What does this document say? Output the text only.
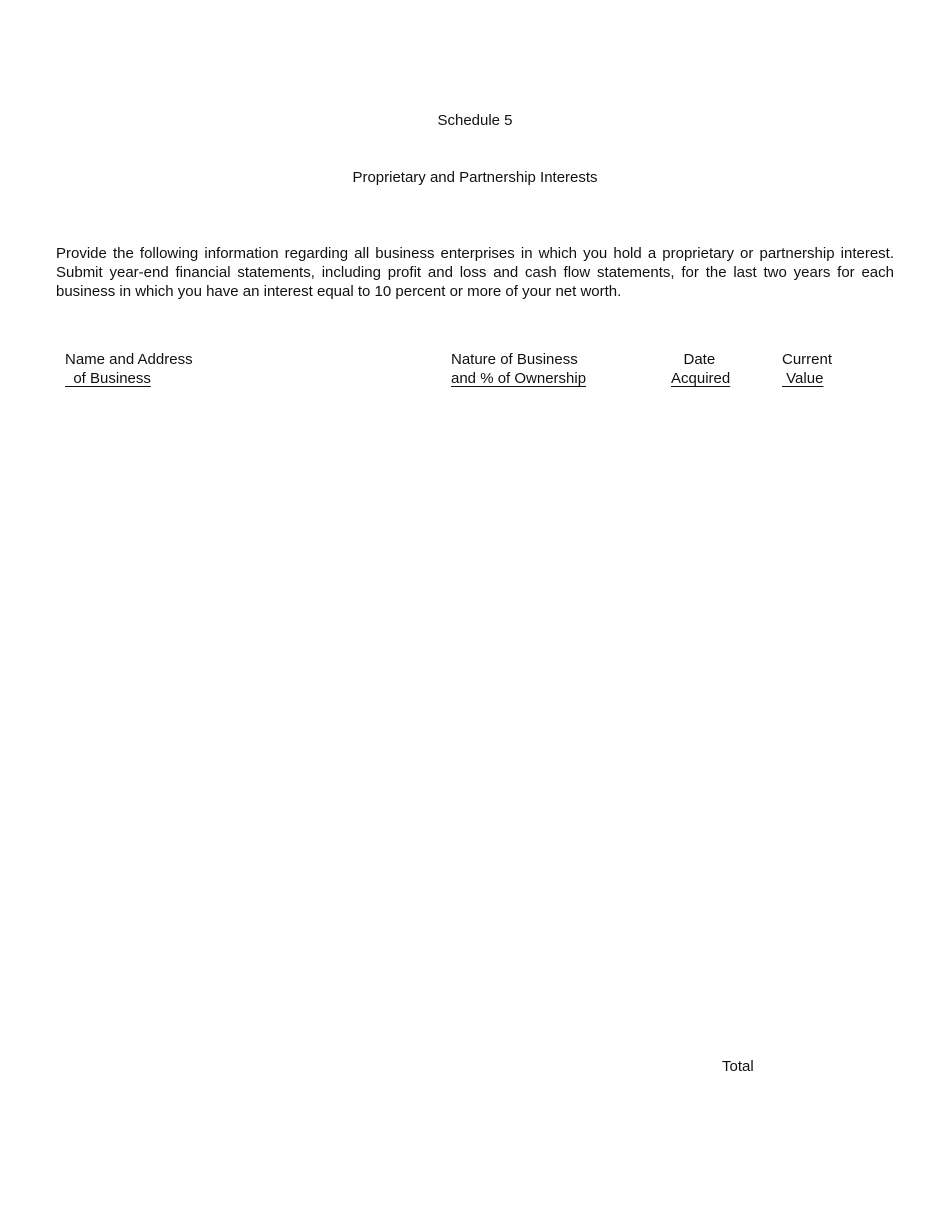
Schedule 5
Proprietary and Partnership Interests
Provide the following information regarding all business enterprises in which you hold a proprietary or partnership interest. Submit year-end financial statements, including profit and loss and cash flow statements, for the last two years for each business in which you have an interest equal to 10 percent or more of your net worth.
Name and Address
of Business
Nature of Business
and % of Ownership
Date
Acquired
Current
Value
Total
